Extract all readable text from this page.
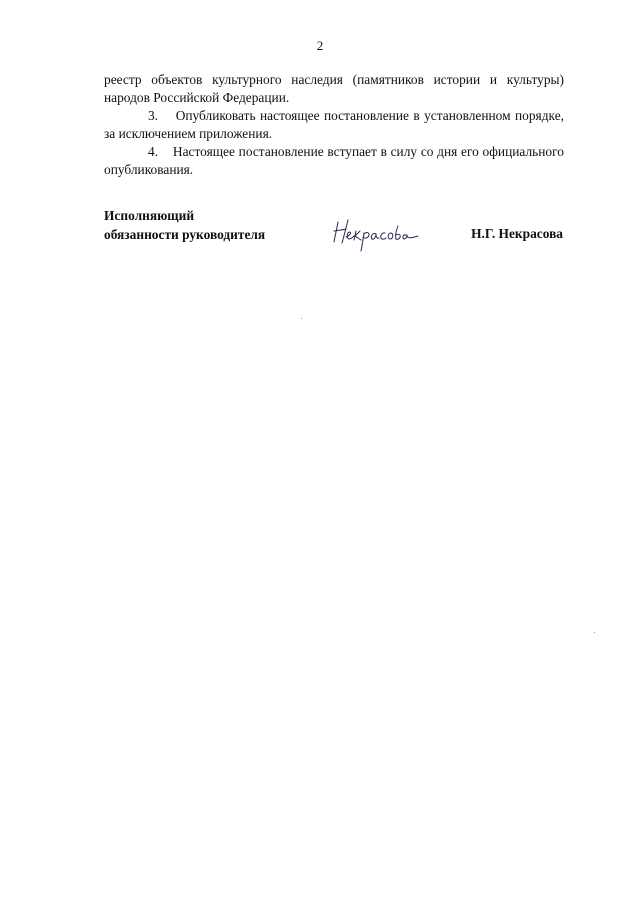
2

реестр объектов культурного наследия (памятников истории и культуры) народов Российской Федерации.

3.    Опубликовать настоящее постановление в установленном порядке, за исключением приложения.

4.    Настоящее постановление вступает в силу со дня его официального опубликования.

Исполняющий
обязанности руководителя	Н.Г. Некрасова
